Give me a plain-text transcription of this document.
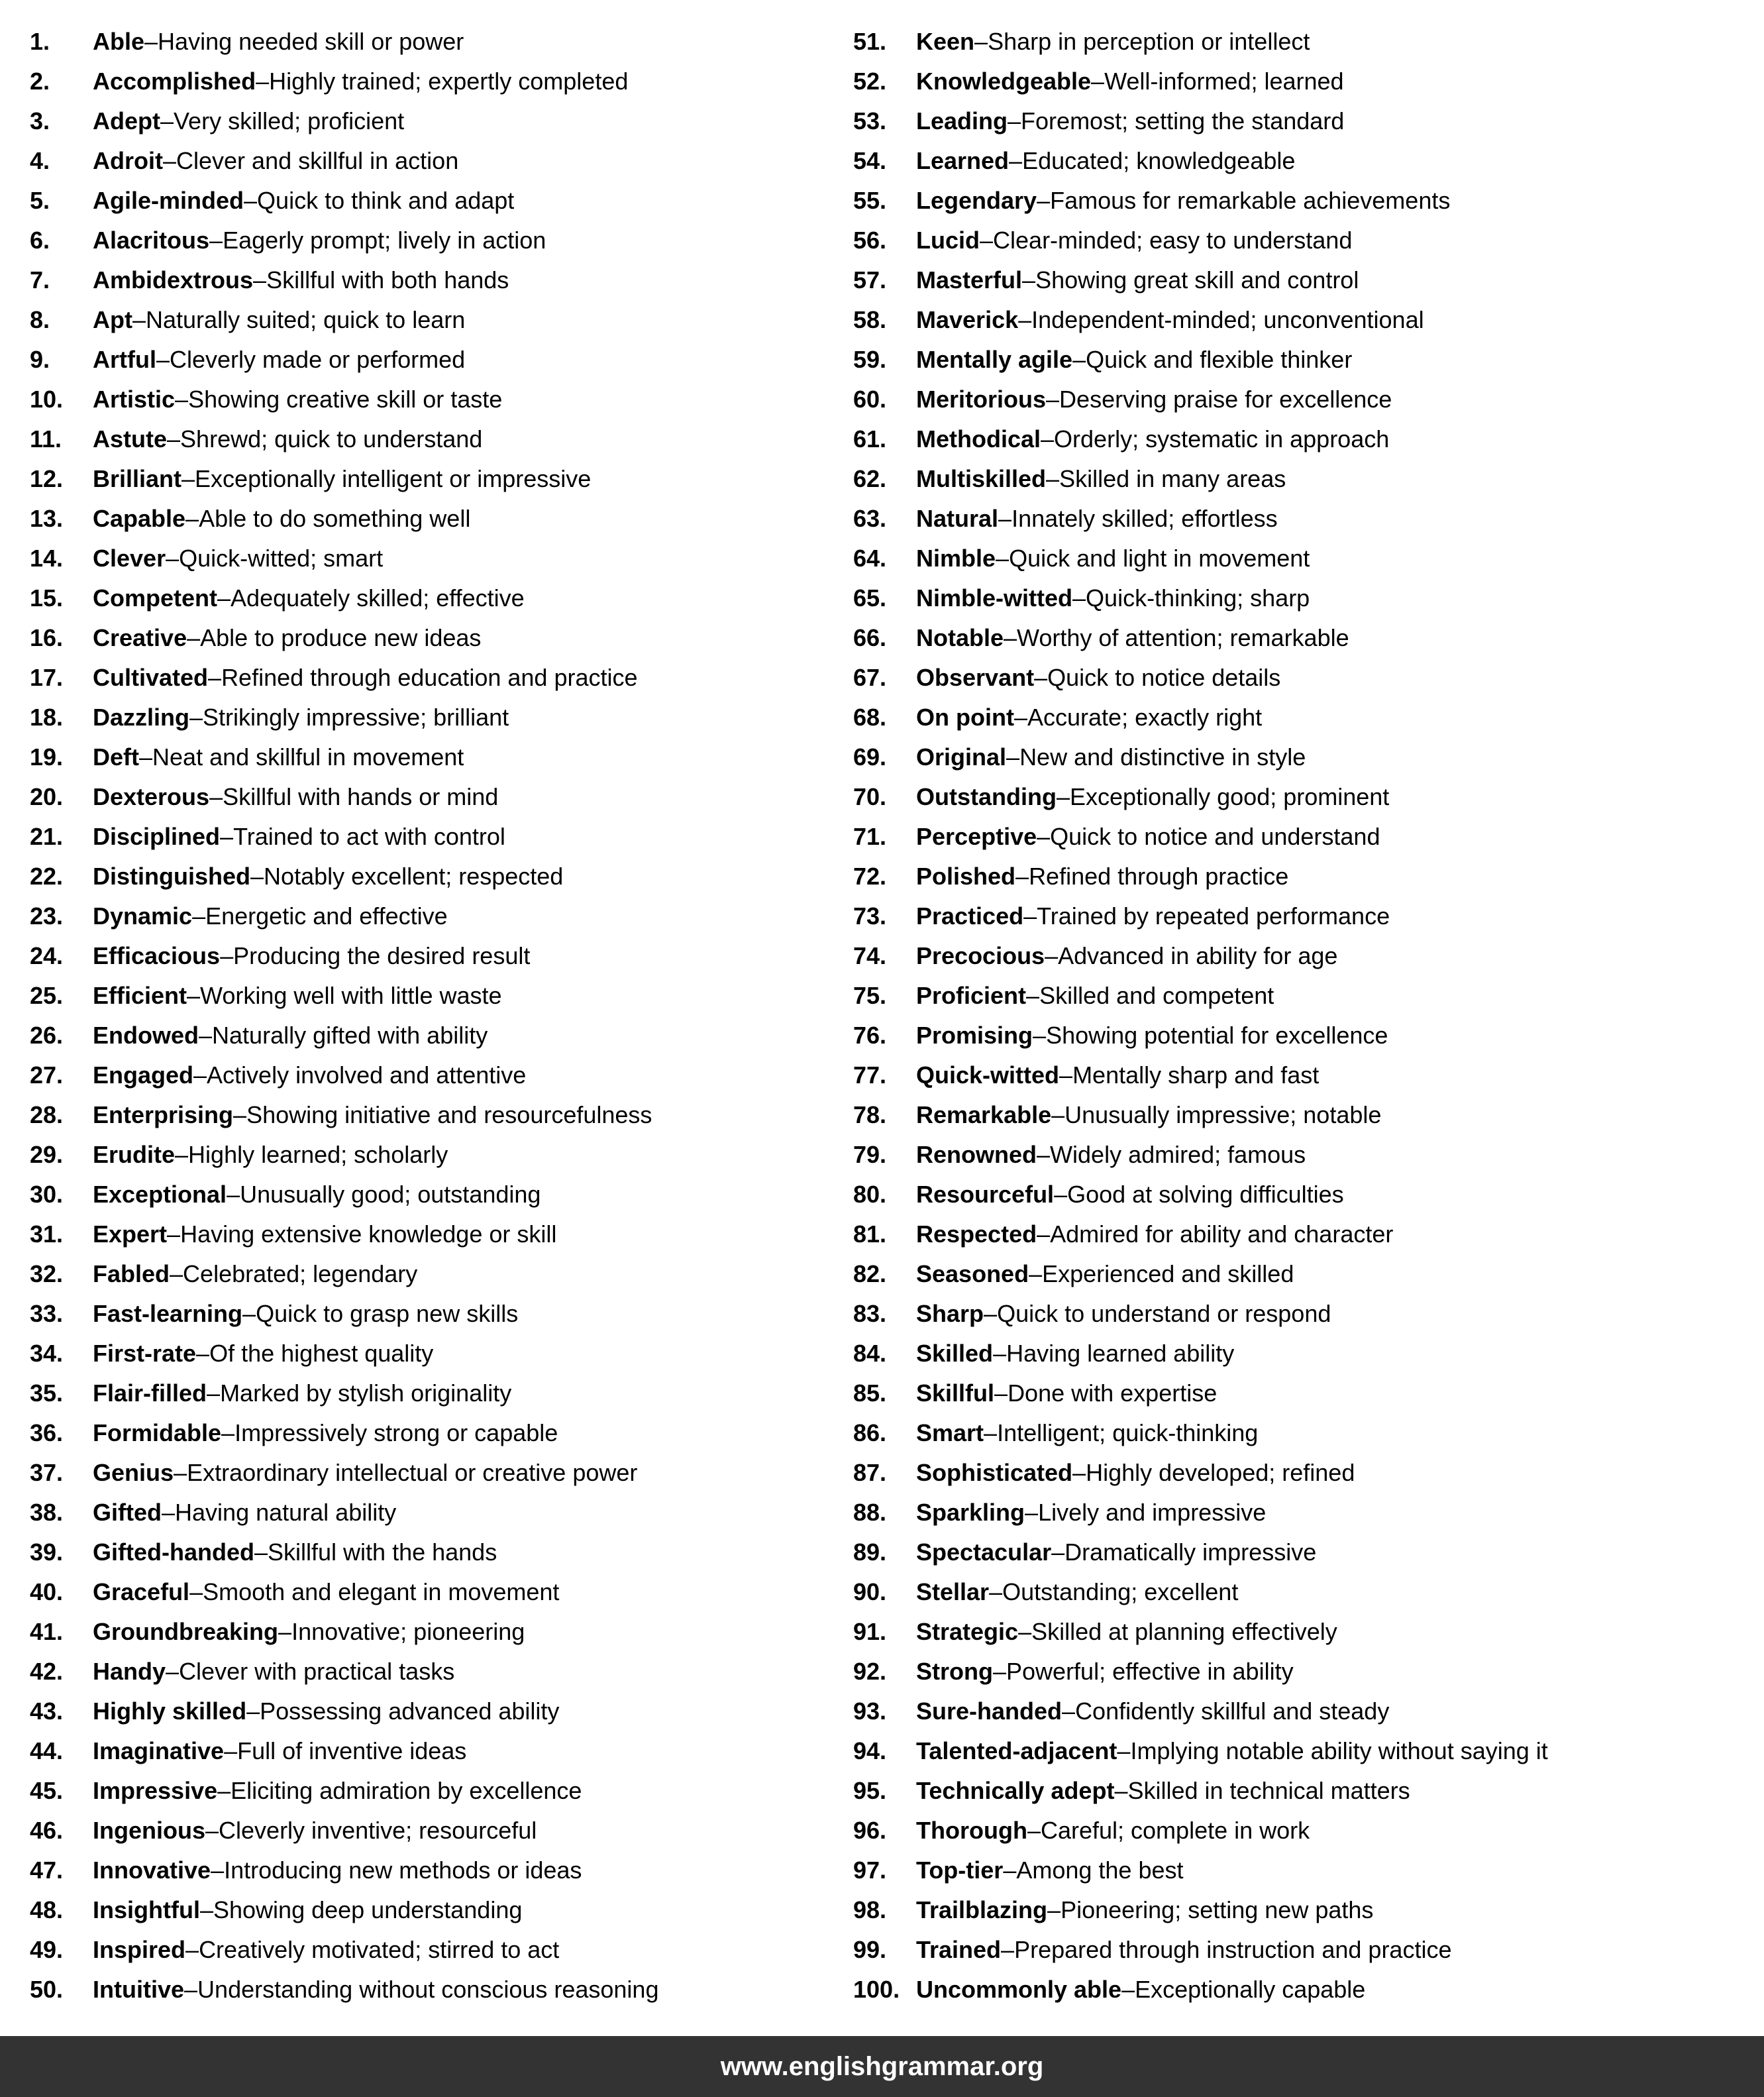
1.	Able – Having needed skill or power
2.	Accomplished – Highly trained; expertly completed
3.	Adept – Very skilled; proficient
4.	Adroit – Clever and skillful in action
5.	Agile-minded – Quick to think and adapt
6.	Alacritous – Eagerly prompt; lively in action
7.	Ambidextrous – Skillful with both hands
8.	Apt – Naturally suited; quick to learn
9.	Artful – Cleverly made or performed
10.	Artistic – Showing creative skill or taste
11.	Astute – Shrewd; quick to understand
12.	Brilliant – Exceptionally intelligent or impressive
13.	Capable – Able to do something well
14.	Clever – Quick-witted; smart
15.	Competent – Adequately skilled; effective
16.	Creative – Able to produce new ideas
17.	Cultivated – Refined through education and practice
18.	Dazzling – Strikingly impressive; brilliant
19.	Deft – Neat and skillful in movement
20.	Dexterous – Skillful with hands or mind
21.	Disciplined – Trained to act with control
22.	Distinguished – Notably excellent; respected
23.	Dynamic – Energetic and effective
24.	Efficacious – Producing the desired result
25.	Efficient – Working well with little waste
26.	Endowed – Naturally gifted with ability
27.	Engaged – Actively involved and attentive
28.	Enterprising – Showing initiative and resourcefulness
29.	Erudite – Highly learned; scholarly
30.	Exceptional – Unusually good; outstanding
31.	Expert – Having extensive knowledge or skill
32.	Fabled – Celebrated; legendary
33.	Fast-learning – Quick to grasp new skills
34.	First-rate – Of the highest quality
35.	Flair-filled – Marked by stylish originality
36.	Formidable – Impressively strong or capable
37.	Genius – Extraordinary intellectual or creative power
38.	Gifted – Having natural ability
39.	Gifted-handed – Skillful with the hands
40.	Graceful – Smooth and elegant in movement
41.	Groundbreaking – Innovative; pioneering
42.	Handy – Clever with practical tasks
43.	Highly skilled – Possessing advanced ability
44.	Imaginative – Full of inventive ideas
45.	Impressive – Eliciting admiration by excellence
46.	Ingenious – Cleverly inventive; resourceful
47.	Innovative – Introducing new methods or ideas
48.	Insightful – Showing deep understanding
49.	Inspired – Creatively motivated; stirred to act
50.	Intuitive – Understanding without conscious reasoning
51.	Keen – Sharp in perception or intellect
52.	Knowledgeable – Well-informed; learned
53.	Leading – Foremost; setting the standard
54.	Learned – Educated; knowledgeable
55.	Legendary – Famous for remarkable achievements
56.	Lucid – Clear-minded; easy to understand
57.	Masterful – Showing great skill and control
58.	Maverick – Independent-minded; unconventional
59.	Mentally agile – Quick and flexible thinker
60.	Meritorious – Deserving praise for excellence
61.	Methodical – Orderly; systematic in approach
62.	Multiskilled – Skilled in many areas
63.	Natural – Innately skilled; effortless
64.	Nimble – Quick and light in movement
65.	Nimble-witted – Quick-thinking; sharp
66.	Notable – Worthy of attention; remarkable
67.	Observant – Quick to notice details
68.	On point – Accurate; exactly right
69.	Original – New and distinctive in style
70.	Outstanding – Exceptionally good; prominent
71.	Perceptive – Quick to notice and understand
72.	Polished – Refined through practice
73.	Practiced – Trained by repeated performance
74.	Precocious – Advanced in ability for age
75.	Proficient – Skilled and competent
76.	Promising – Showing potential for excellence
77.	Quick-witted – Mentally sharp and fast
78.	Remarkable – Unusually impressive; notable
79.	Renowned – Widely admired; famous
80.	Resourceful – Good at solving difficulties
81.	Respected – Admired for ability and character
82.	Seasoned – Experienced and skilled
83.	Sharp – Quick to understand or respond
84.	Skilled – Having learned ability
85.	Skillful – Done with expertise
86.	Smart – Intelligent; quick-thinking
87.	Sophisticated – Highly developed; refined
88.	Sparkling – Lively and impressive
89.	Spectacular – Dramatically impressive
90.	Stellar – Outstanding; excellent
91.	Strategic – Skilled at planning effectively
92.	Strong – Powerful; effective in ability
93.	Sure-handed – Confidently skillful and steady
94.	Talented-adjacent – Implying notable ability without saying it
95.	Technically adept – Skilled in technical matters
96.	Thorough – Careful; complete in work
97.	Top-tier – Among the best
98.	Trailblazing – Pioneering; setting new paths
99.	Trained – Prepared through instruction and practice
100. Uncommonly able – Exceptionally capable
www.englishgrammar.org
